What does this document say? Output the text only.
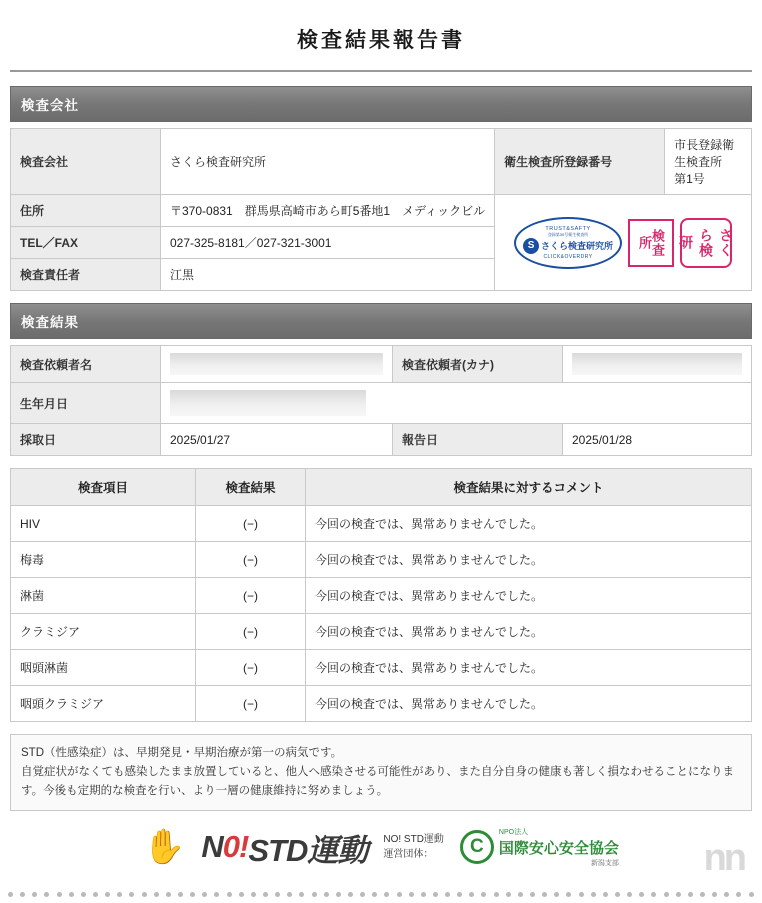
検査結果報告書
検査会社
検査会社	さくら検査研究所	衛生検査所登録番号	市長登録衛生検査所　第1号
住所	〒370-0831　群馬県高崎市あら町5番地1　メディックビル	
TRUST&SAFTY
登録第30号衛生検査所
S さくら検査研究所
CLICK&OVERDRY	検査所	さくら検研

TEL／FAX	027-325-8181／027-321-3001		
検査責任者	江黒		
検査結果
検査依頼者名		検査依頼者(カナ)	

生年月日			

採取日	2025/01/27	報告日	2025/01/28
検査項目	検査結果	検査結果に対するコメント
HIV	(−)	今回の検査では、異常ありませんでした。
梅毒	(−)	今回の検査では、異常ありませんでした。
淋菌	(−)	今回の検査では、異常ありませんでした。
クラミジア	(−)	今回の検査では、異常ありませんでした。
咽頭淋菌	(−)	今回の検査では、異常ありませんでした。
咽頭クラミジア	(−)	今回の検査では、異常ありませんでした。
STD（性感染症）は、早期発見・早期治療が第一の病気です。
自覚症状がなくても感染したまま放置していると、他人へ感染させる可能性があり、また自分自身の健康も著しく損なわせることになります。今後も定期的な検査を行い、より一層の健康維持に努めましょう。
✋ N 0 ! STD運動 NO! STD運動
運営団体：	C
NPO法人
国際安心安全協会
新潟支部 nn
